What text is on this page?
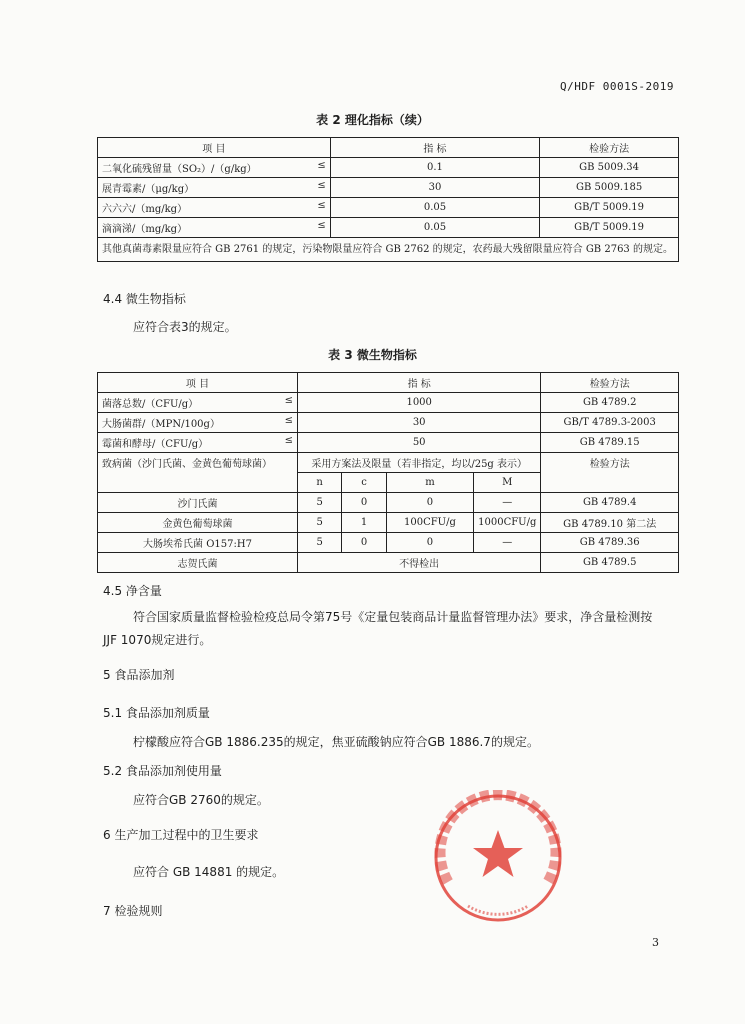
Q/HDF 0001S-2019
表 2 理化指标（续）
项 目	指 标	检验方法

二氧化硫残留量（SO₂）/（g/kg） ≤	0.1	GB 5009.34

展青霉素/（μg/kg） ≤	30	GB 5009.185

六六六/（mg/kg） ≤	0.05	GB/T 5009.19

滴滴涕/（mg/kg） ≤	0.05	GB/T 5009.19
其他真菌毒素限量应符合 GB 2761 的规定，污染物限量应符合 GB 2762 的规定，农药最大残留限量应符合 GB 2763 的规定。		
4.4 微生物指标
应符合表3的规定。
表 3 微生物指标
项 目	指 标				检验方法

菌落总数/（CFU/g） ≤	1000				GB 4789.2

大肠菌群/（MPN/100g） ≤	30				GB/T 4789.3-2003

霉菌和酵母/（CFU/g） ≤	50				GB 4789.15
致病菌（沙门氏菌、金黄色葡萄球菌）	采用方案法及限量（若非指定，均以/25g 表示）				检验方法
	n	c	m	M	
沙门氏菌	5	0	0	—	GB 4789.4
金黄色葡萄球菌	5	1	100CFU/g	1000CFU/g	GB 4789.10 第二法
大肠埃希氏菌 O157:H7	5	0	0	—	GB 4789.36
志贺氏菌	不得检出				GB 4789.5
4.5 净含量
符合国家质量监督检验检疫总局令第75号《定量包装商品计量监督管理办法》要求，净含量检测按
JJF 1070规定进行。
5 食品添加剂
5.1 食品添加剂质量
柠檬酸应符合GB 1886.235的规定，焦亚硫酸钠应符合GB 1886.7的规定。
5.2 食品添加剂使用量
应符合GB 2760的规定。
6 生产加工过程中的卫生要求
应符合 GB 14881 的规定。
7 检验规则
3
